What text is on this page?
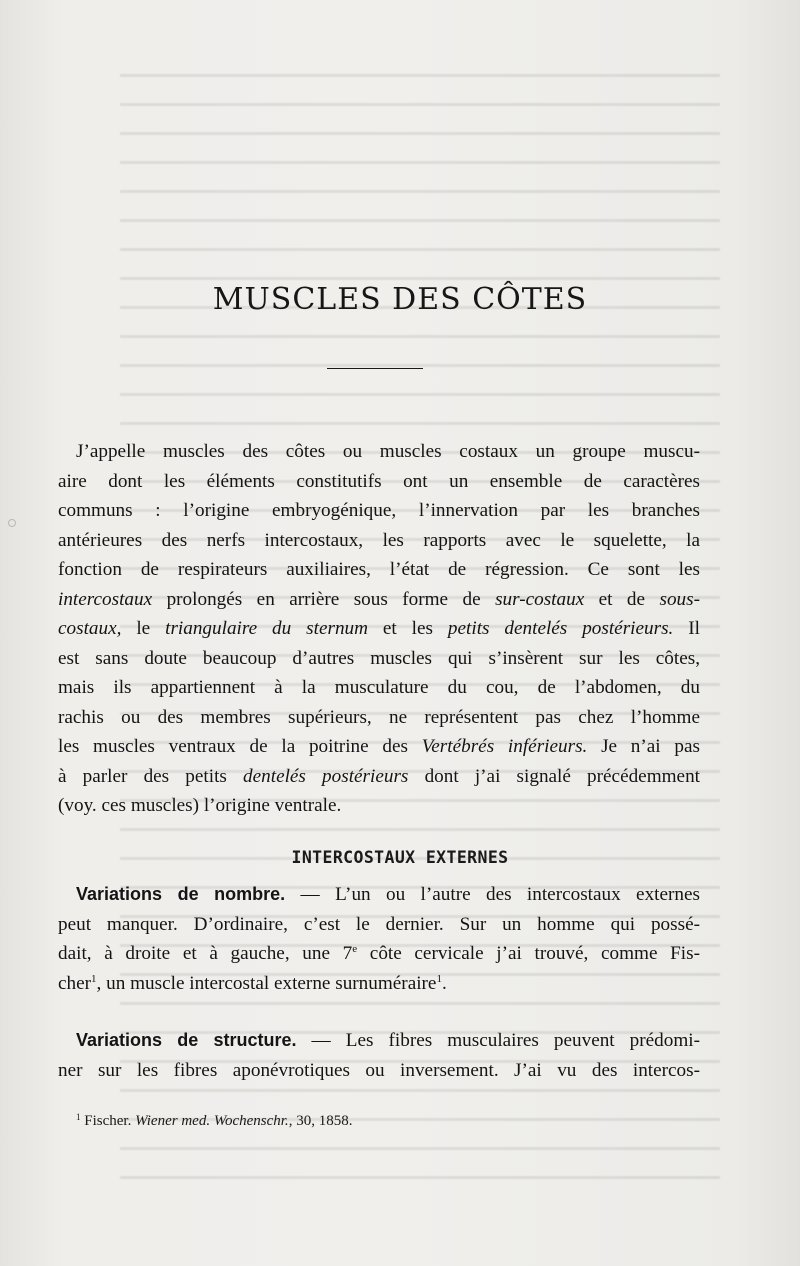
MUSCLES DES CÔTES
J’appelle muscles des côtes ou muscles costaux un groupe muscu-
aire dont les éléments constitutifs ont un ensemble de caractères
communs : l’origine embryogénique, l’innervation par les branches
antérieures des nerfs intercostaux, les rapports avec le squelette, la
fonction de respirateurs auxiliaires, l’état de régression. Ce sont les
intercostaux prolongés en arrière sous forme de sur-costaux et de sous-
costaux, le triangulaire du sternum et les petits dentelés postérieurs. Il
est sans doute beaucoup d’autres muscles qui s’insèrent sur les côtes,
mais ils appartiennent à la musculature du cou, de l’abdomen, du
rachis ou des membres supérieurs, ne représentent pas chez l’homme
les muscles ventraux de la poitrine des Vertébrés inférieurs. Je n’ai pas
à parler des petits dentelés postérieurs dont j’ai signalé précédemment
(voy. ces muscles) l’origine ventrale.
INTERCOSTAUX EXTERNES
Variations de nombre. — L’un ou l’autre des intercostaux externes
peut manquer. D’ordinaire, c’est le dernier. Sur un homme qui possé-
dait, à droite et à gauche, une 7e côte cervicale j’ai trouvé, comme Fis-
cher$^1$, un muscle intercostal externe surnuméraire$^1$.
Variations de structure. — Les fibres musculaires peuvent prédomi-
ner sur les fibres aponévrotiques ou inversement. J’ai vu des intercos-
$^1$ Fischer. Wiener med. Wochenschr., 30, 1858.
